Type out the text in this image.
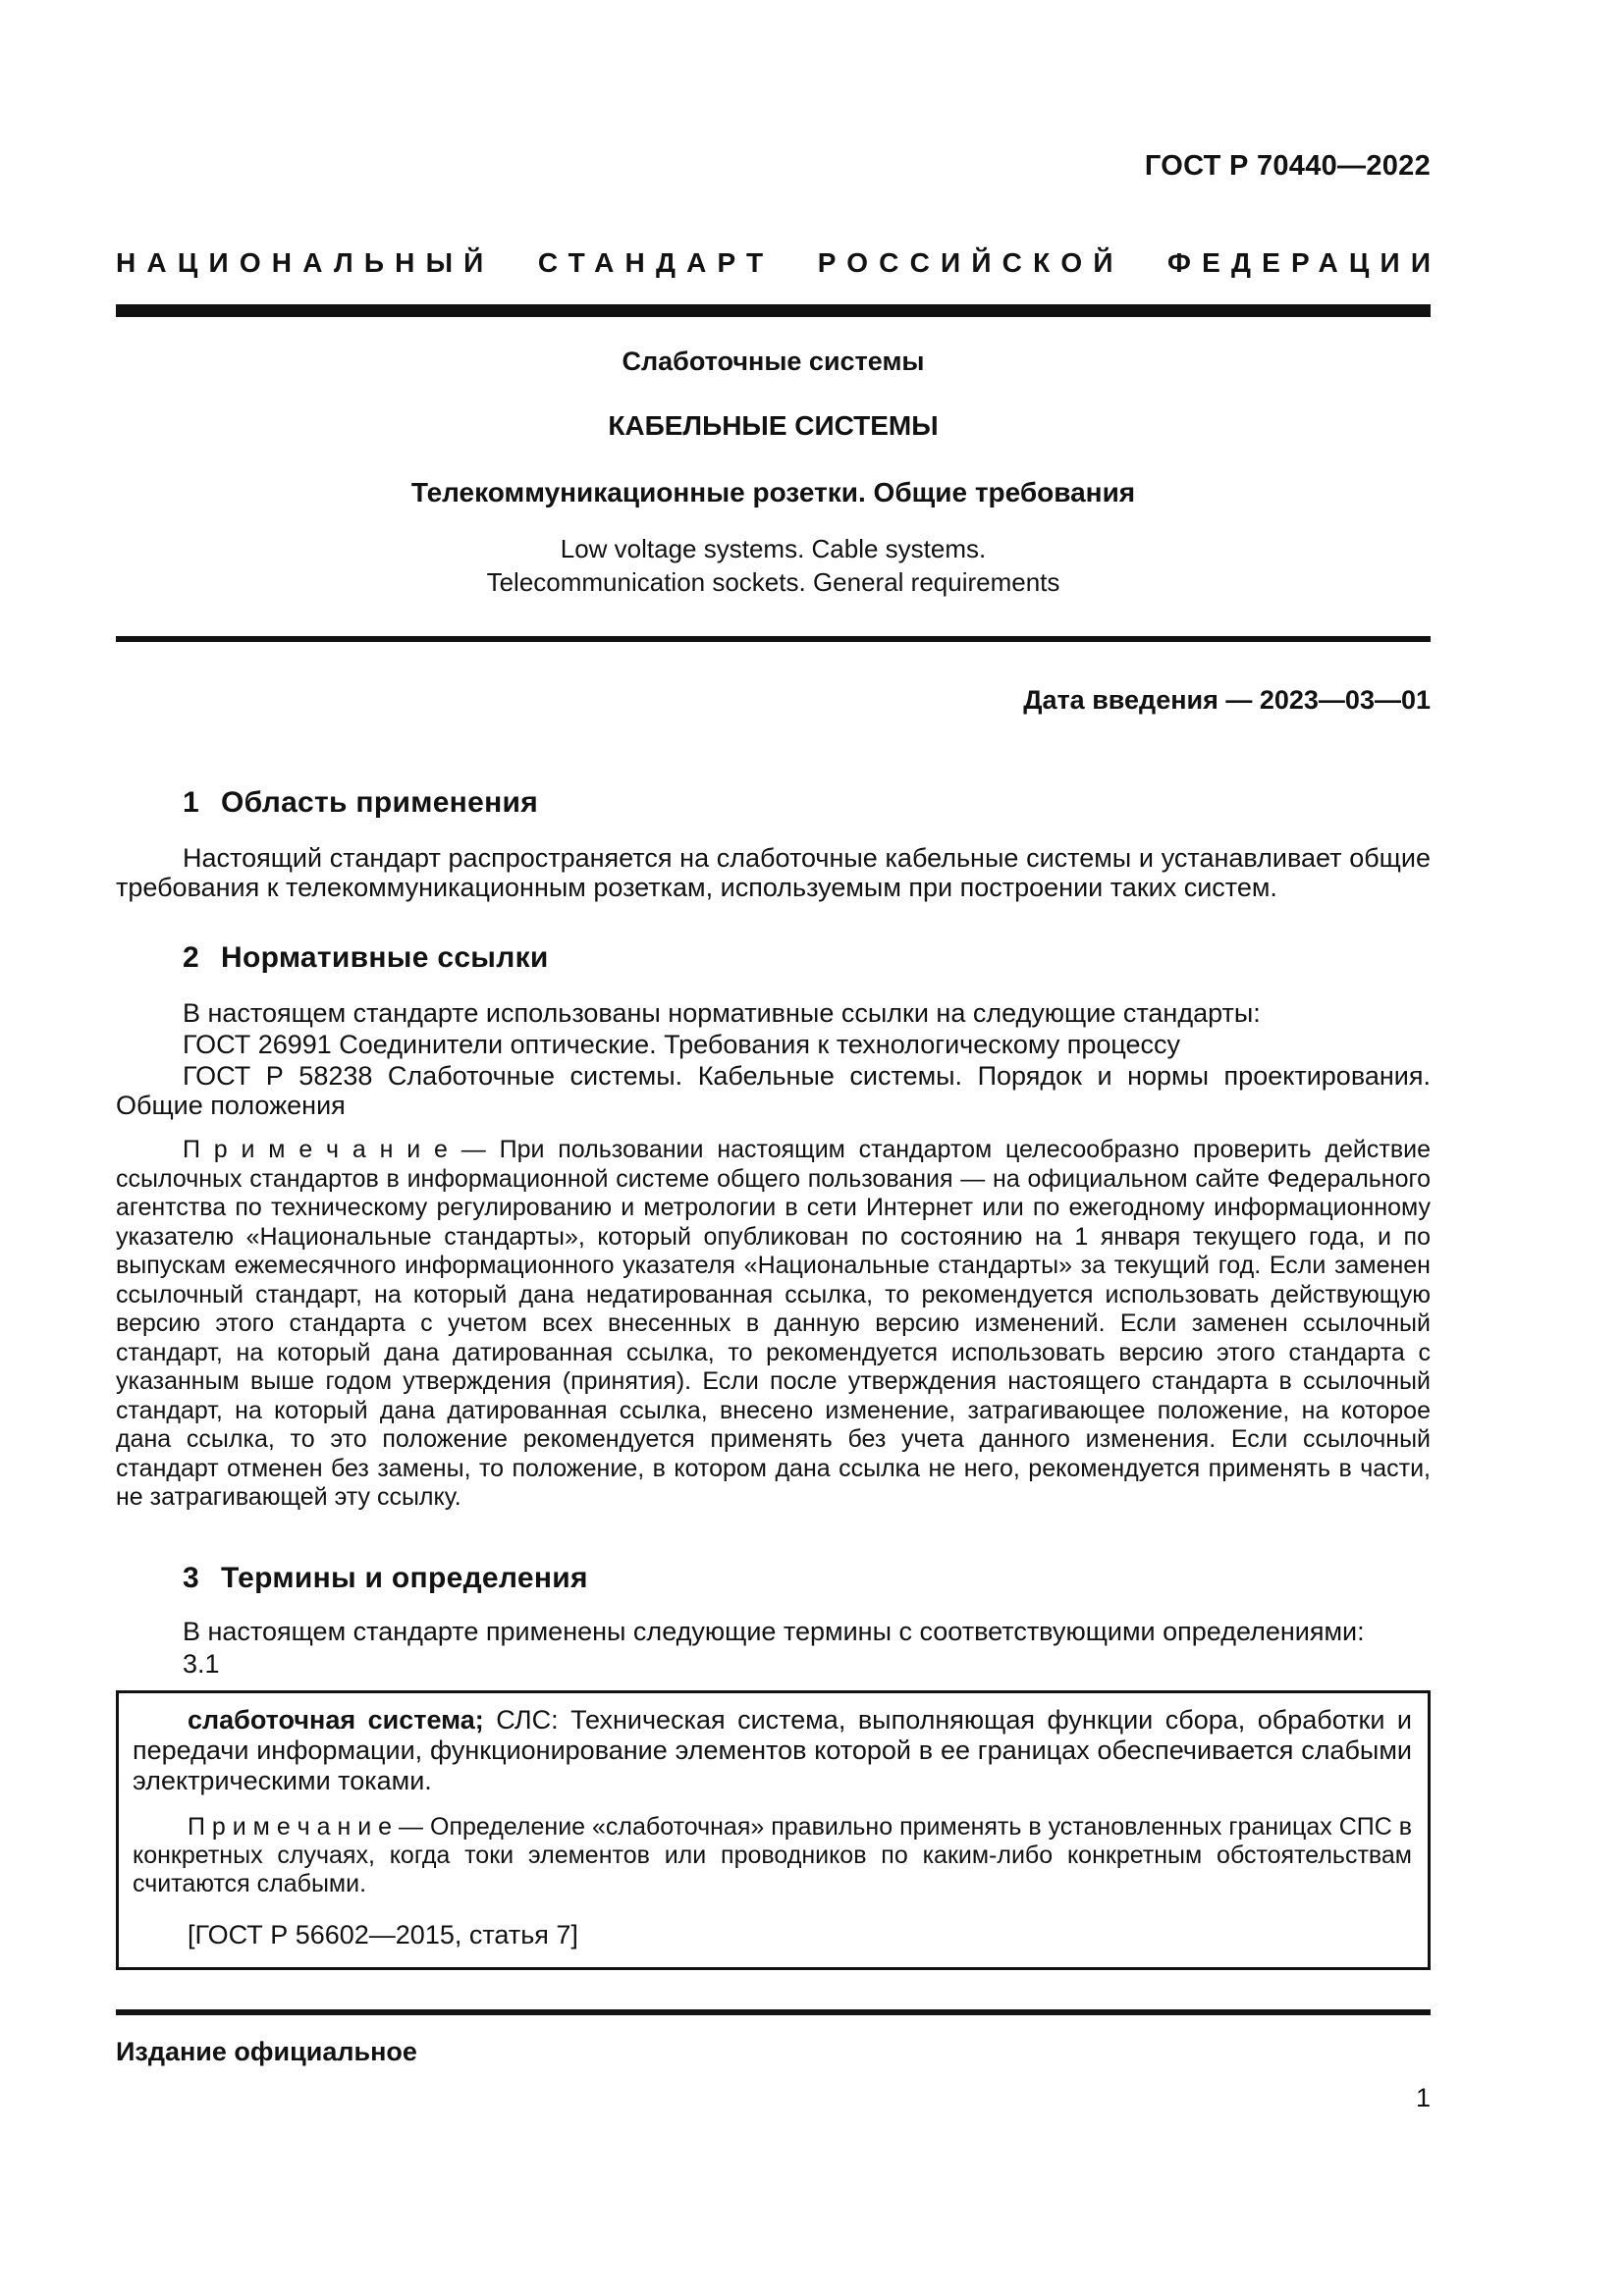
ГОСТ Р 70440—2022
НАЦИОНАЛЬНЫЙ СТАНДАРТ РОССИЙСКОЙ ФЕДЕРАЦИИ
Слаботочные системы
КАБЕЛЬНЫЕ СИСТЕМЫ
Телекоммуникационные розетки. Общие требования
Low voltage systems. Cable systems.
Telecommunication sockets. General requirements
Дата введения — 2023—03—01
1 Область применения

Настоящий стандарт распространяется на слаботочные кабельные системы и устанавливает общие требования к телекоммуникационным розеткам, используемым при построении таких систем.

2 Нормативные ссылки

В настоящем стандарте использованы нормативные ссылки на следующие стандарты:

ГОСТ 26991 Соединители оптические. Требования к технологическому процессу

ГОСТ Р 58238 Слаботочные системы. Кабельные системы. Порядок и нормы проектирования. Общие положения

П р и м е ч а н и е — При пользовании настоящим стандартом целесообразно проверить действие ссылочных стандартов в информационной системе общего пользования — на официальном сайте Федерального агентства по техническому регулированию и метрологии в сети Интернет или по ежегодному информационному указателю «Национальные стандарты», который опубликован по состоянию на 1 января текущего года, и по выпускам ежемесячного информационного указателя «Национальные стандарты» за текущий год. Если заменен ссылочный стандарт, на который дана недатированная ссылка, то рекомендуется использовать действующую версию этого стандарта с учетом всех внесенных в данную версию изменений. Если заменен ссылочный стандарт, на который дана датированная ссылка, то рекомендуется использовать версию этого стандарта с указанным выше годом утверждения (принятия). Если после утверждения настоящего стандарта в ссылочный стандарт, на который дана датированная ссылка, внесено изменение, затрагивающее положение, на которое дана ссылка, то это положение рекомендуется применять без учета данного изменения. Если ссылочный стандарт отменен без замены, то положение, в котором дана ссылка не него, рекомендуется применять в части, не затрагивающей эту ссылку.

3 Термины и определения

В настоящем стандарте применены следующие термины с соответствующими определениями:

3.1

слаботочная система; СЛС: Техническая система, выполняющая функции сбора, обработки и передачи информации, функционирование элементов которой в ее границах обеспечивается слабыми электрическими токами.

П р и м е ч а н и е — Определение «слаботочная» правильно применять в установленных границах СПС в конкретных случаях, когда токи элементов или проводников по каким-либо конкретным обстоятельствам считаются слабыми.

[ГОСТ Р 56602—2015, статья 7]

Издание официальное
1
